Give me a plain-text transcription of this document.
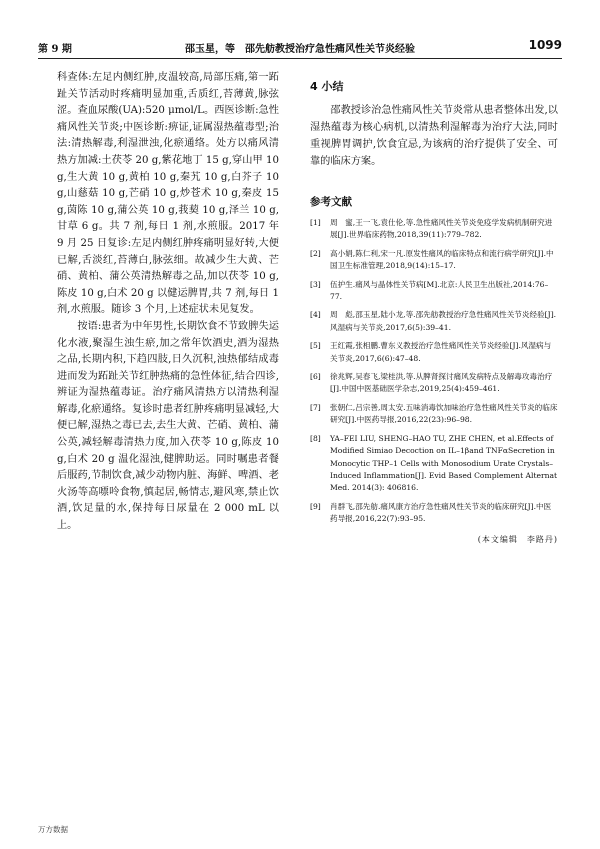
第 9 期	邵玉星，等　邵先舫教授治疗急性痛风性关节炎经验	1099

科查体:左足内侧红肿,皮温较高,局部压痛,第一跖趾关节活动时疼痛明显加重,舌质红,苔薄黄,脉弦涩。查血尿酸(UA):520 μmol/L。西医诊断:急性痛风性关节炎;中医诊断:痹证,证属湿热蕴毒型;治法:清热解毒,利湿泄浊,化瘀通络。处方以痛风清热方加减:土茯苓 20 g,紫花地丁 15 g,穿山甲 10 g,生大黄 10 g,黄柏 10 g,秦艽 10 g,白芥子 10 g,山慈菇 10 g,芒硝 10 g,炒苍术 10 g,秦皮 15 g,茵陈 10 g,蒲公英 10 g,莪葜 10 g,泽兰 10 g,甘草 6 g。共 7 剂,每日 1 剂,水煎服。2017 年 9 月 25 日复诊:左足内侧红肿疼痛明显好转,大便已解,舌淡红,苔薄白,脉弦细。故减少生大黄、芒硝、黄柏、蒲公英清热解毒之品,加以茯苓 10 g,陈皮 10 g,白术 20 g 以健运脾胃,共 7 剂,每日 1 剂,水煎服。随诊 3 个月,上述症状未见复发。

按语:患者为中年男性,长期饮食不节致脾失运化水液,聚湿生浊生瘀,加之常年饮酒史,酒为湿热之品,长期内积,下趋四肢,日久沉积,浊热郁结成毒进而发为跖趾关节红肿热痛的急性体征,结合四诊,辨证为湿热蕴毒证。治疗痛风清热方以清热利湿解毒,化瘀通络。复诊时患者红肿疼痛明显减轻,大便已解,湿热之毒已去,去生大黄、芒硝、黄柏、蒲公英,减轻解毒清热力度,加入茯苓 10 g,陈皮 10 g,白术 20 g 温化湿浊,健脾助运。同时嘱患者餐后服药,节制饮食,减少动物内脏、海鲜、啤酒、老火汤等高嘌呤食物,慎起居,畅情志,避风寒,禁止饮酒,饮足量的水,保持每日尿量在 2 000 mL 以上。

4 小结

邵教授诊治急性痛风性关节炎常从患者整体出发,以湿热蕴毒为核心病机,以清热利湿解毒为治疗大法,同时重视脾胃调护,饮食宜忌,为该病的治疗提供了安全、可靠的临床方案。

参考文献
[1]	周　蜜,王一飞,袁仕伦,等.急性痛风性关节炎免疫学发病机制研究进展[J].世界临床药物,2018,39(11):779–782.
[2]	高小娟,陈仁利,宋一凡.原发性痛风的临床特点和流行病学研究[J].中国卫生标准管理,2018,9(14):15–17.
[3]	伍护生.痛风与晶体性关节病[M].北京:人民卫生出版社,2014:76–77.
[4]	周　彪,邵玉星,陆小龙,等.邵先舫教授治疗急性痛风性关节炎经验[J].风湿病与关节炎,2017,6(5):39–41.
[5]	王红霞,张相鹏.曹东义教授治疗急性痛风性关节炎经验[J].风湿病与关节炎,2017,6(6):47–48.
[6]	徐兆辉,吴春飞,梁桂洪,等.从脾肾探讨痛风发病特点及解毒攻毒治疗[J].中国中医基础医学杂志,2019,25(4):459–461.
[7]	张朝仁,吕宗善,周太安.五味消毒饮加味治疗急性痛风性关节炎的临床研究[J].中医药导报,2016,22(23):96–98.
[8]	YA–FEI LIU, SHENG–HAO TU, ZHE CHEN, et al.Effects of Modified Simiao Decoction on IL–1βand TNFαSecretion in Monocytic THP–1 Cells with Monosodium Urate Crystals–Induced Inflammation[J]. Evid Based Complement Alternat Med. 2014(3): 406816.
[9]	肖群飞,邵先舫.痛风康方治疗急性痛风性关节炎的临床研究[J].中医药导报,2016,22(7):93–95.
(本文编辑　李路丹)
万方数据
